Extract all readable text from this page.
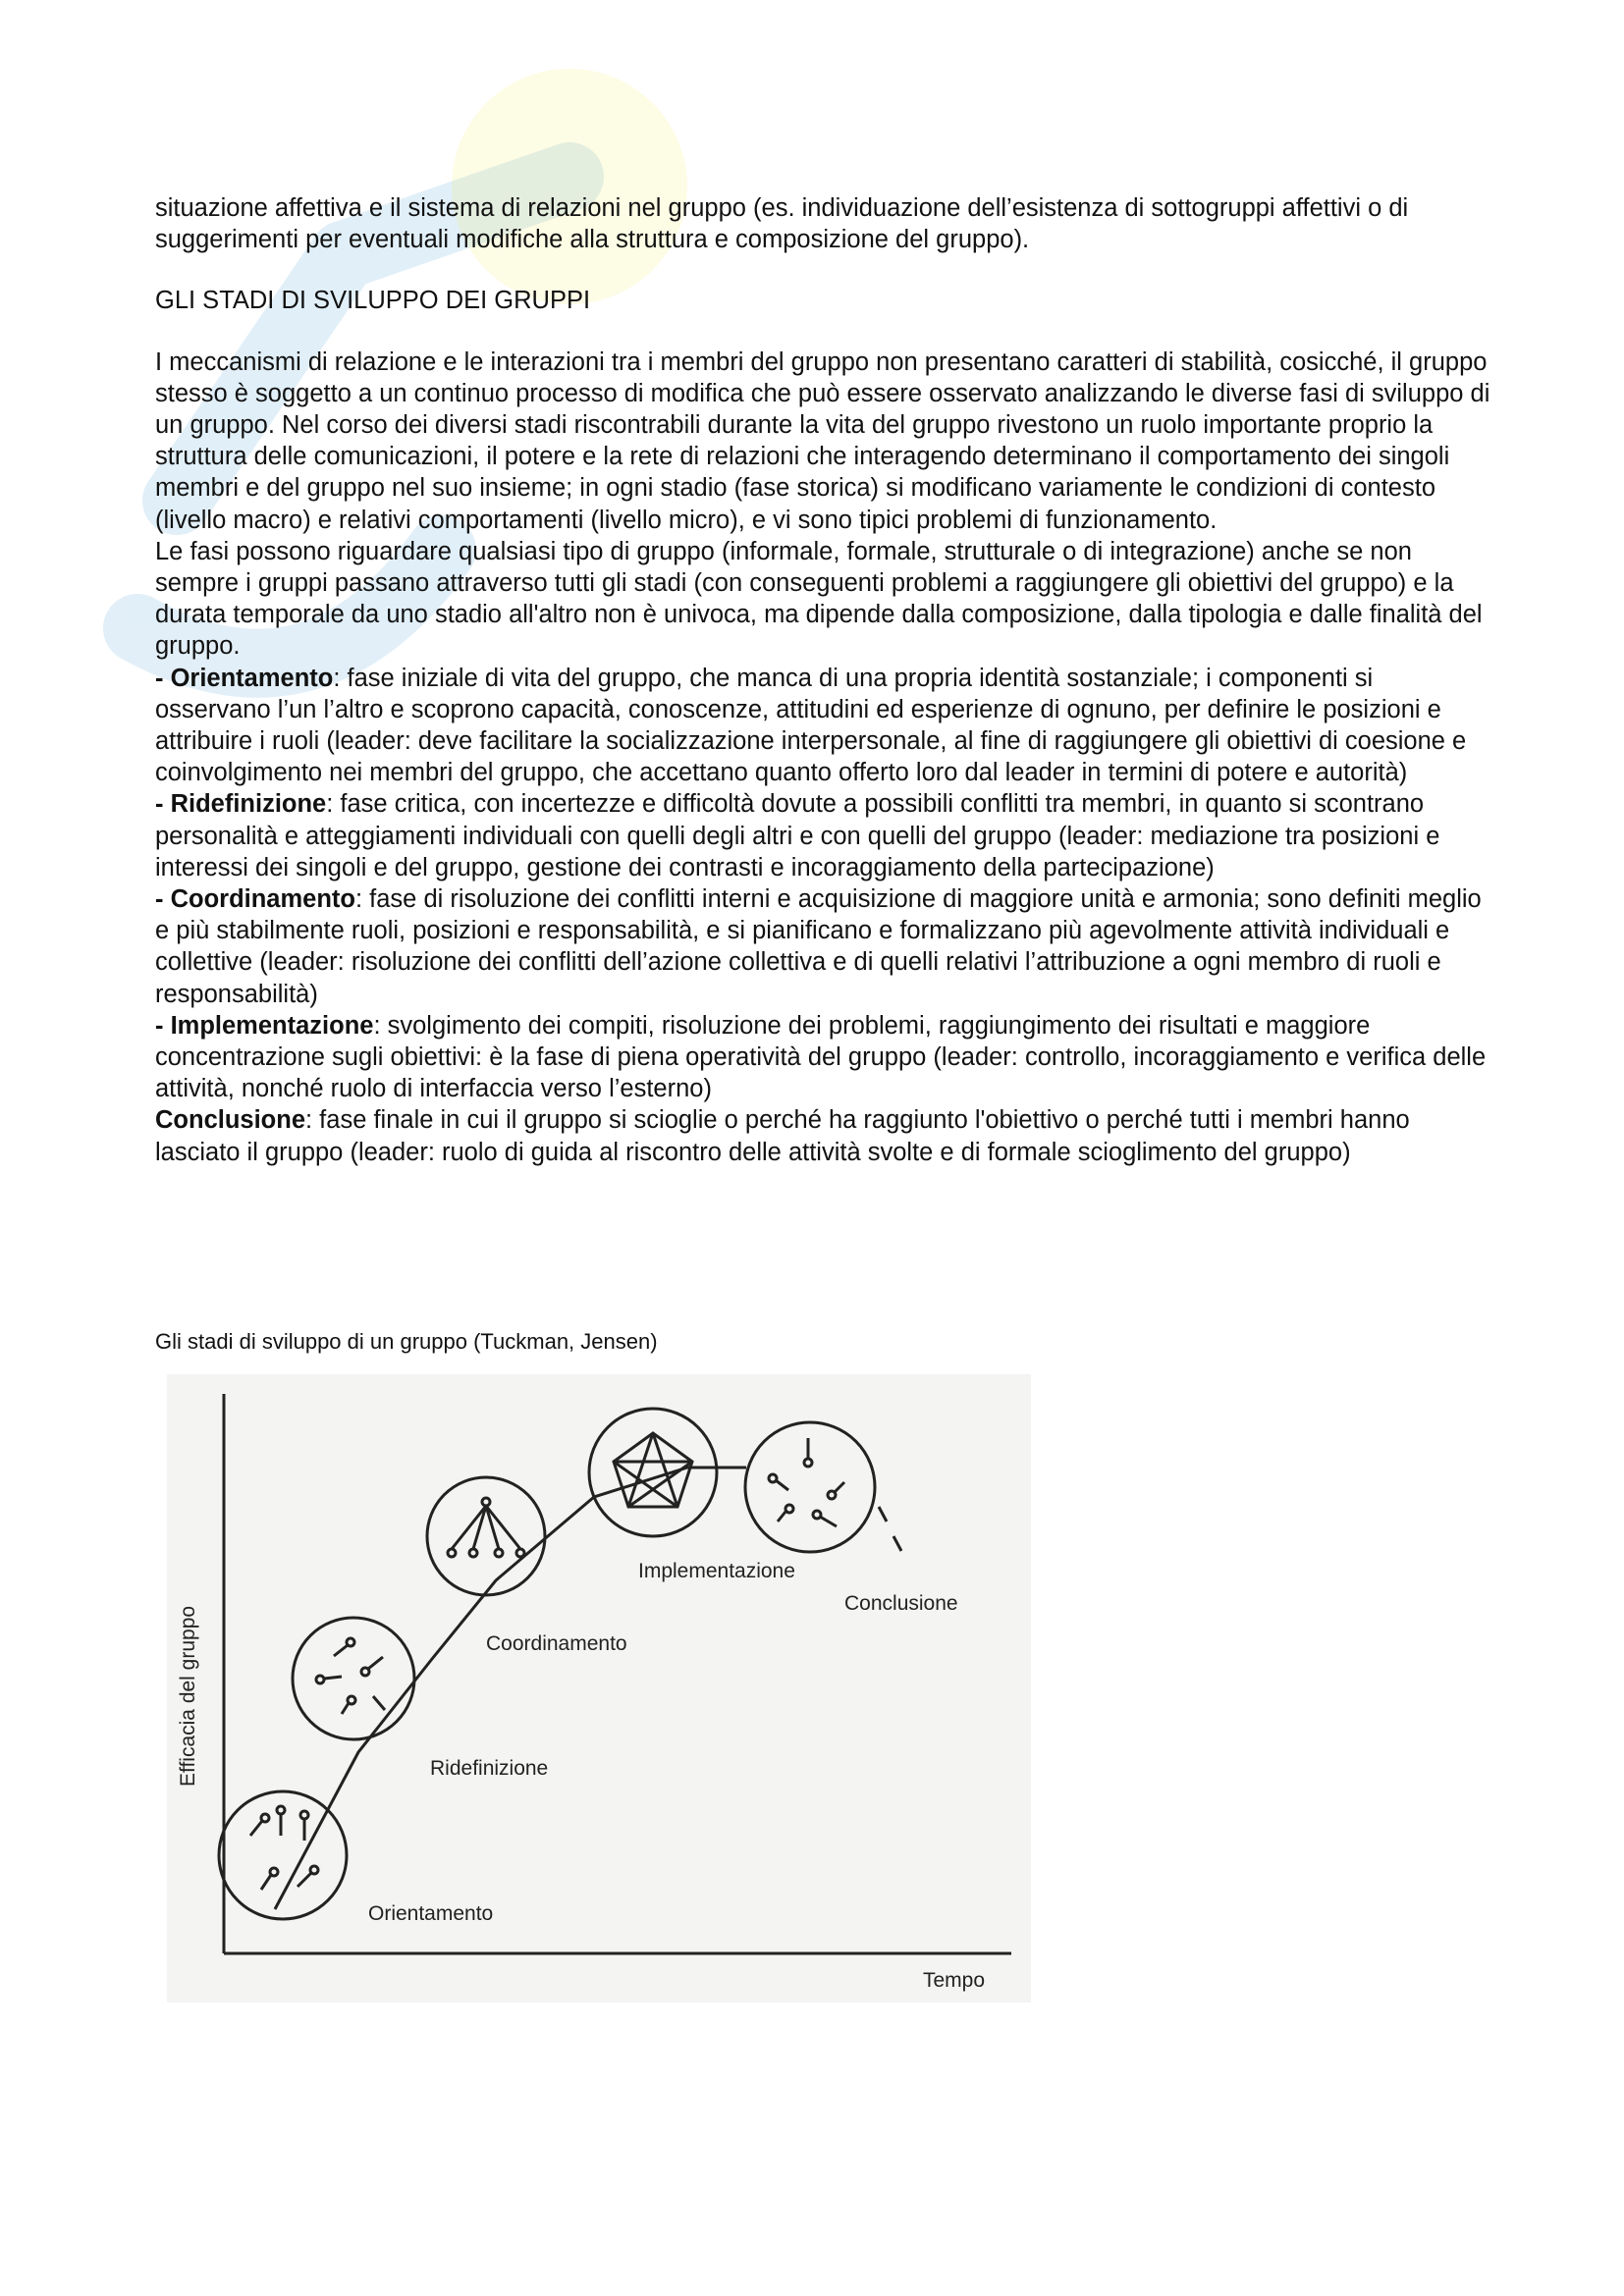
situazione affettiva e il sistema di relazioni nel gruppo (es. individuazione dell’esistenza di sottogruppi affettivi o di suggerimenti per eventuali modifiche alla struttura e composizione del gruppo).

GLI STADI DI SVILUPPO DEI GRUPPI

I meccanismi di relazione e le interazioni tra i membri del gruppo non presentano caratteri di stabilità, cosicché, il gruppo stesso è soggetto a un continuo processo di modifica che può essere osservato analizzando le diverse fasi di sviluppo di un gruppo. Nel corso dei diversi stadi riscontrabili durante la vita del gruppo rivestono un ruolo importante proprio la struttura delle comunicazioni, il potere e la rete di relazioni che interagendo determinano il comportamento dei singoli membri e del gruppo nel suo insieme; in ogni stadio (fase storica) si modificano variamente le condizioni di contesto (livello macro) e relativi comportamenti (livello micro), e vi sono tipici problemi di funzionamento.

Le fasi possono riguardare qualsiasi tipo di gruppo (informale, formale, strutturale o di integrazione) anche se non sempre i gruppi passano attraverso tutti gli stadi (con conseguenti problemi a raggiungere gli obiettivi del gruppo) e la durata temporale da uno stadio all'altro non è univoca, ma dipende dalla composizione, dalla tipologia e dalle finalità del gruppo.

- Orientamento: fase iniziale di vita del gruppo, che manca di una propria identità sostanziale; i componenti si osservano l’un l’altro e scoprono capacità, conoscenze, attitudini ed esperienze di ognuno, per definire le posizioni e attribuire i ruoli (leader: deve facilitare la socializzazione interpersonale, al fine di raggiungere gli obiettivi di coesione e coinvolgimento nei membri del gruppo, che accettano quanto offerto loro dal leader in termini di potere e autorità)

- Ridefinizione: fase critica, con incertezze e difficoltà dovute a possibili conflitti tra membri, in quanto si scontrano personalità e atteggiamenti individuali con quelli degli altri e con quelli del gruppo (leader: mediazione tra posizioni e interessi dei singoli e del gruppo, gestione dei contrasti e incoraggiamento della partecipazione)

- Coordinamento: fase di risoluzione dei conflitti interni e acquisizione di maggiore unità e armonia; sono definiti meglio e più stabilmente ruoli, posizioni e responsabilità, e si pianificano e formalizzano più agevolmente attività individuali e collettive (leader: risoluzione dei conflitti dell’azione collettiva e di quelli relativi l’attribuzione a ogni membro di ruoli e responsabilità)

- Implementazione: svolgimento dei compiti, risoluzione dei problemi, raggiungimento dei risultati e maggiore concentrazione sugli obiettivi: è la fase di piena operatività del gruppo (leader: controllo, incoraggiamento e verifica delle attività, nonché ruolo di interfaccia verso l’esterno)

Conclusione: fase finale in cui il gruppo si scioglie o perché ha raggiunto l'obiettivo o perché tutti i membri hanno lasciato il gruppo (leader: ruolo di guida al riscontro delle attività svolte e di formale scioglimento del gruppo)

Gli stadi di sviluppo di un gruppo (Tuckman, Jensen)
Efficacia del gruppo
Tempo
Orientamento
Ridefinizione
Coordinamento
Implementazione
Conclusione
